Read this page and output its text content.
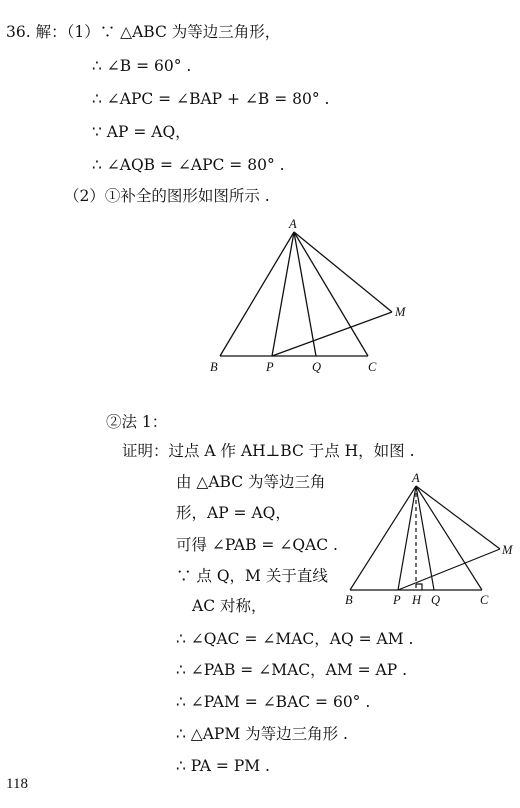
36. 解：（1）∵ △ABC 为等边三角形，
∴ ∠B = 60° .
∴ ∠APC = ∠BAP + ∠B = 80° .
∵ AP = AQ，
∴ ∠AQB = ∠APC = 80° .
（2）①补全的图形如图所示 .
A
B	P	Q	C
M
②法 1：
证明：过点 A 作 AH⊥BC 于点 H，如图 .
由 △ABC 为等边三角
形，AP = AQ，
可得 ∠PAB = ∠QAC .
∵ 点 Q，M 关于直线
AC 对称，
∴ ∠QAC = ∠MAC，AQ = AM .
∴ ∠PAB = ∠MAC，AM = AP .
∴ ∠PAM = ∠BAC = 60° .
∴ △APM 为等边三角形 .
∴ PA = PM .
A
B	P H Q	C
M
118
